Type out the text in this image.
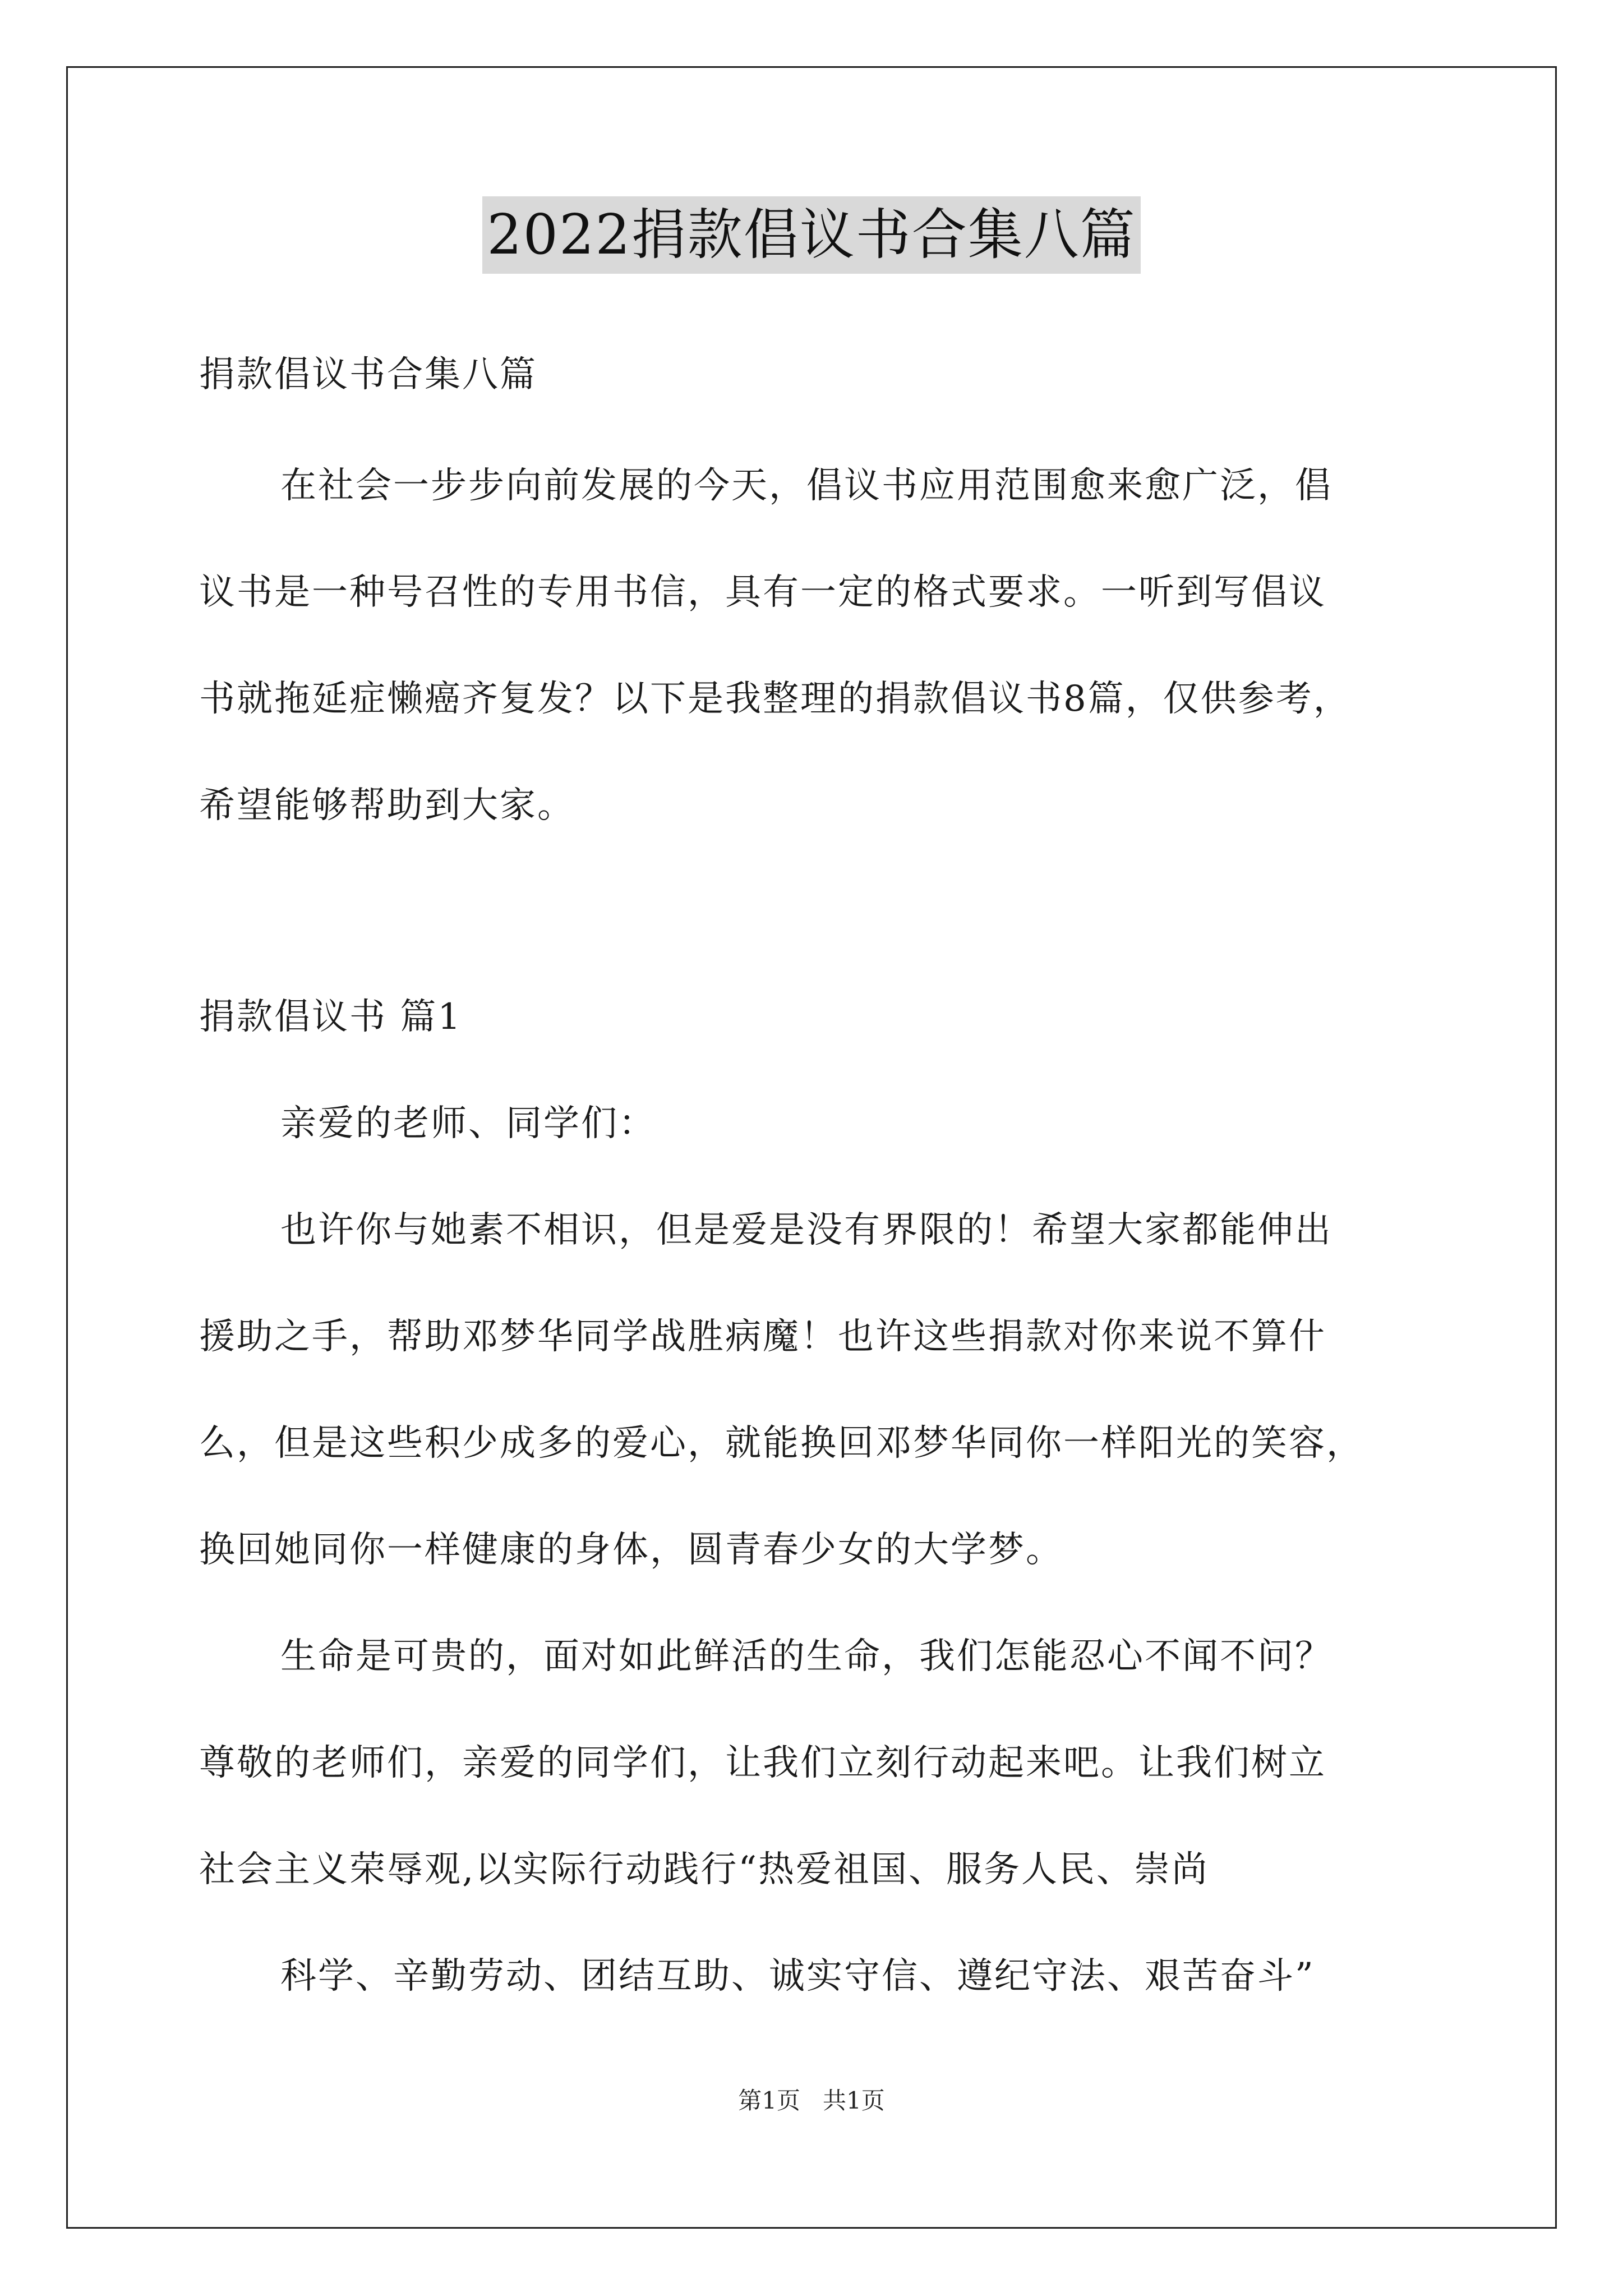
2022捐款倡议书合集八篇
捐款倡议书合集八篇
在社会一步步向前发展的今天，倡议书应用范围愈来愈广泛，倡
议书是一种号召性的专用书信，具有一定的格式要求。一听到写倡议
书就拖延症懒癌齐复发？以下是我整理的捐款倡议书8篇，仅供参考，
希望能够帮助到大家。
捐款倡议书 篇1
亲爱的老师、同学们：
也许你与她素不相识，但是爱是没有界限的！希望大家都能伸出
援助之手，帮助邓梦华同学战胜病魔！也许这些捐款对你来说不算什
么，但是这些积少成多的爱心，就能换回邓梦华同你一样阳光的笑容，
换回她同你一样健康的身体，圆青春少女的大学梦。
生命是可贵的，面对如此鲜活的生命，我们怎能忍心不闻不问？
尊敬的老师们，亲爱的同学们，让我们立刻行动起来吧。让我们树立
社会主义荣辱观,以实际行动践行“热爱祖国、服务人民、崇尚
科学、辛勤劳动、团结互助、诚实守信、遵纪守法、艰苦奋斗”
第1页   共1页
